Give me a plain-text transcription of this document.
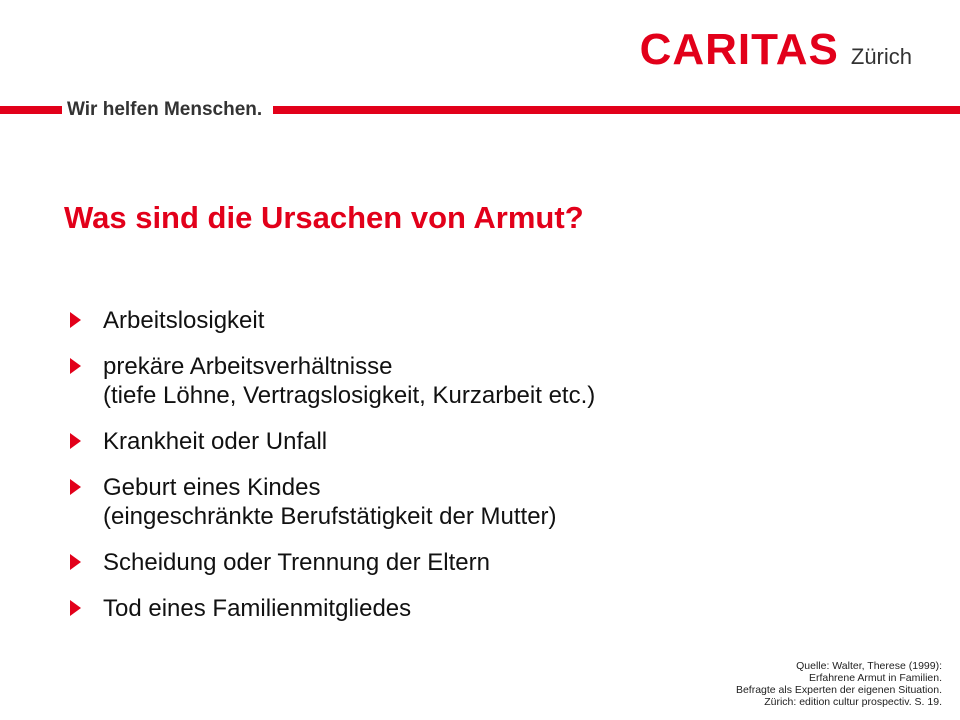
CARITAS Zürich
Wir helfen Menschen.
Was sind die Ursachen von Armut?
Arbeitslosigkeit
prekäre Arbeitsverhältnisse
(tiefe Löhne, Vertragslosigkeit, Kurzarbeit etc.)
Krankheit oder Unfall
Geburt eines Kindes
(eingeschränkte Berufstätigkeit der Mutter)
Scheidung oder Trennung der Eltern
Tod eines Familienmitgliedes
Quelle: Walter, Therese (1999):
Erfahrene Armut in Familien.
Befragte als Experten der eigenen Situation.
Zürich: edition cultur prospectiv. S. 19.
